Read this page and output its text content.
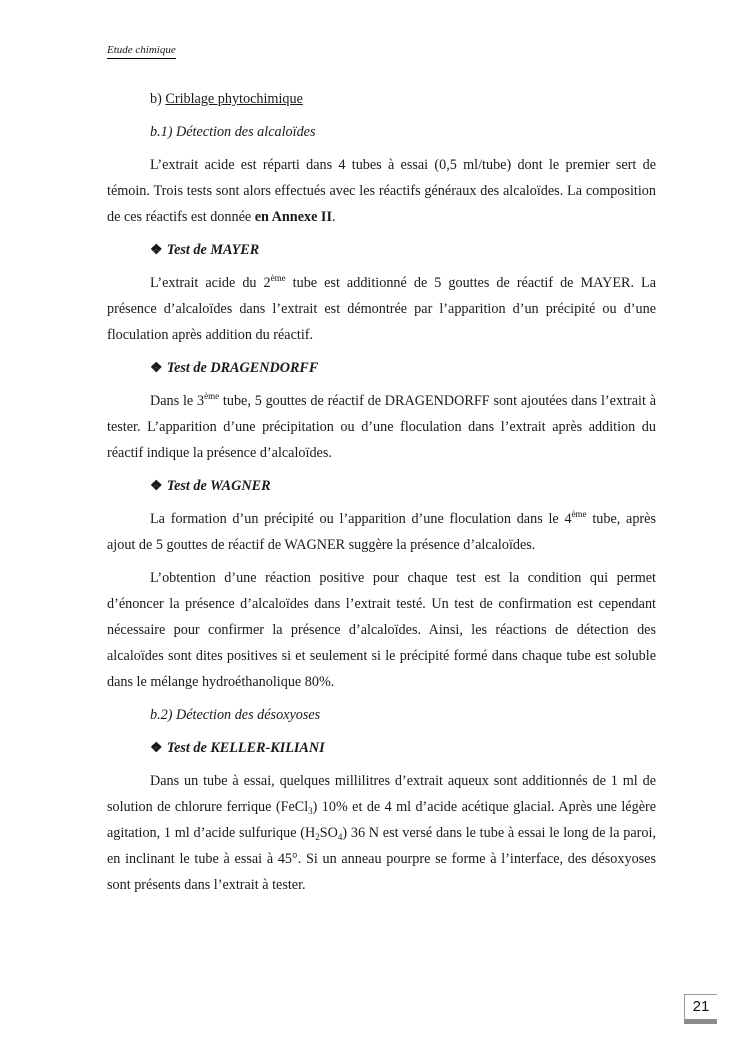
Etude chimique

b) Criblage phytochimique

b.1) Détection des alcaloïdes

L’extrait acide est réparti dans 4 tubes à essai (0,5 ml/tube) dont le premier sert de témoin. Trois tests sont alors effectués avec les réactifs généraux des alcaloïdes. La composition de ces réactifs est donnée en Annexe II.

❖ Test de MAYER

L’extrait acide du 2ème tube est additionné de 5 gouttes de réactif de MAYER. La présence d’alcaloïdes dans l’extrait est démontrée par l’apparition d’un précipité ou d’une floculation après addition du réactif.

❖ Test de DRAGENDORFF

Dans le 3ème tube, 5 gouttes de réactif de DRAGENDORFF sont ajoutées dans l’extrait à tester. L’apparition d’une précipitation ou d’une floculation dans l’extrait après addition du réactif indique la présence d’alcaloïdes.

❖ Test de WAGNER

La formation d’un précipité ou l’apparition d’une floculation dans le 4ème tube, après ajout de 5 gouttes de réactif de WAGNER suggère la présence d’alcaloïdes.

L’obtention d’une réaction positive pour chaque test est la condition qui permet d’énoncer la présence d’alcaloïdes dans l’extrait testé. Un test de confirmation est cependant nécessaire pour confirmer la présence d’alcaloïdes. Ainsi, les réactions de détection des alcaloïdes sont dites positives si et seulement si le précipité formé dans chaque tube est soluble dans le mélange hydroéthanolique 80%.

b.2) Détection des désoxyoses

❖ Test de KELLER-KILIANI

Dans un tube à essai, quelques millilitres d’extrait aqueux sont additionnés de 1 ml de solution de chlorure ferrique (FeCl$_3$) 10% et de 4 ml d’acide acétique glacial. Après une légère agitation, 1 ml d’acide sulfurique $(H_2SO_4)$ 36 N est versé dans le tube à essai le long de la paroi, en inclinant le tube à essai à 45°. Si un anneau pourpre se forme à l’interface, des désoxyoses sont présents dans l’extrait à tester.

21
